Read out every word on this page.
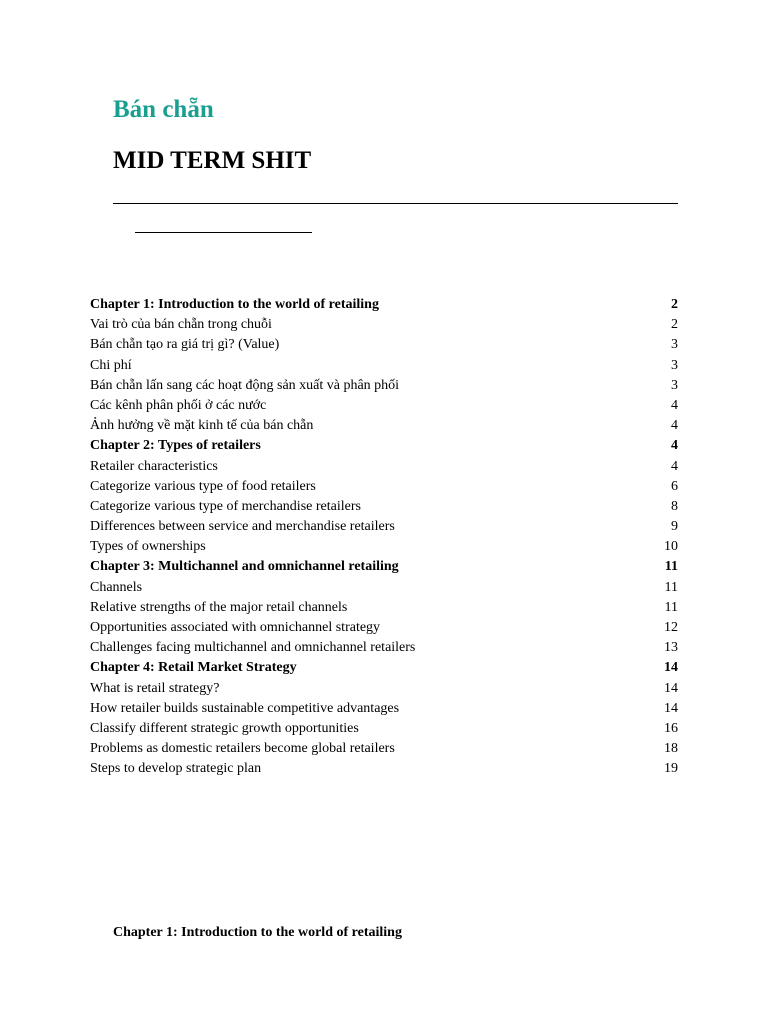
Bán chẵn
MID TERM SHIT
Chapter 1: Introduction to the world of retailing	2
Vai trò của bán chẵn trong chuỗi	2
Bán chẵn tạo ra giá trị gì? (Value)	3
Chi phí	3
Bán chẵn lấn sang các hoạt động sản xuất và phân phối	3
Các kênh phân phối ở các nước	4
Ảnh hưởng về mặt kinh tế của bán chẵn	4
Chapter 2: Types of retailers	4
Retailer characteristics	4
Categorize various type of food retailers	6
Categorize various type of merchandise retailers	8
Differences between service and merchandise retailers	9
Types of ownerships	10
Chapter 3: Multichannel and omnichannel retailing	11
Channels	11
Relative strengths of the major retail channels	11
Opportunities associated with omnichannel strategy	12
Challenges facing multichannel and omnichannel retailers	13
Chapter 4: Retail Market Strategy	14
What is retail strategy?	14
How retailer builds sustainable competitive advantages	14
Classify different strategic growth opportunities	16
Problems as domestic retailers become global retailers	18
Steps to develop strategic plan	19
Chapter 1: Introduction to the world of retailing
